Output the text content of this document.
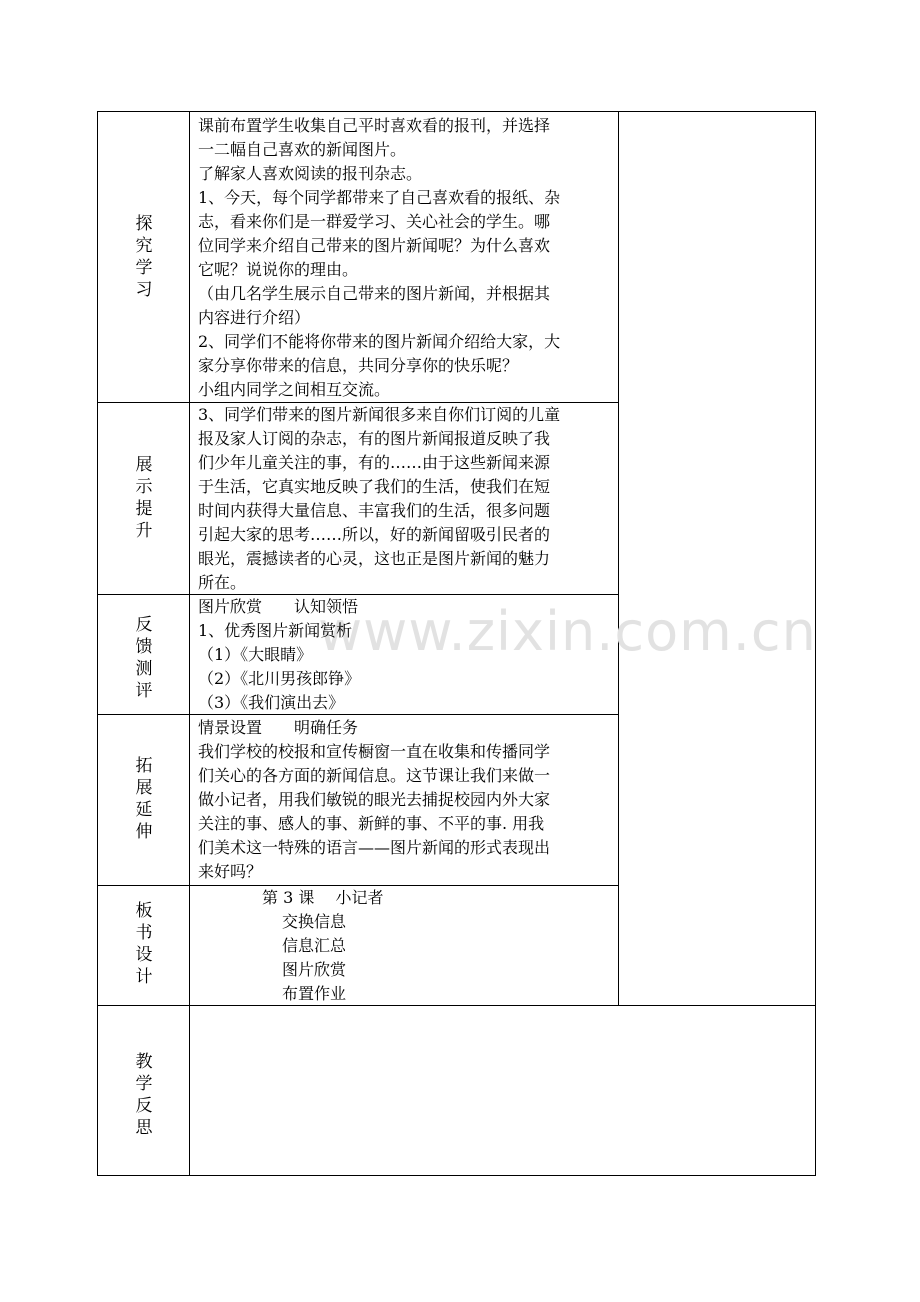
www.zixin.com.cn
探
究
学
习

课前布置学生收集自己平时喜欢看的报刊，并选择

一二幅自己喜欢的新闻图片。

了解家人喜欢阅读的报刊杂志。

1、今天，每个同学都带来了自己喜欢看的报纸、杂

志，看来你们是一群爱学习、关心社会的学生。哪

位同学来介绍自己带来的图片新闻呢？为什么喜欢

它呢？说说你的理由。

（由几名学生展示自己带来的图片新闻，并根据其

内容进行介绍）

2、同学们不能将你带来的图片新闻介绍给大家，大

家分享你带来的信息，共同分享你的快乐呢？

小组内同学之间相互交流。

展
示
提
升

3、同学们带来的图片新闻很多来自你们订阅的儿童

报及家人订阅的杂志，有的图片新闻报道反映了我

们少年儿童关注的事，有的……由于这些新闻来源

于生活，它真实地反映了我们的生活，使我们在短

时间内获得大量信息、丰富我们的生活，很多问题

引起大家的思考……所以，好的新闻留吸引民者的

眼光，震撼读者的心灵，这也正是图片新闻的魅力

所在。

反
馈
测
评

图片欣赏　　认知领悟

1、优秀图片新闻赏析

（1）《大眼睛》

（2）《北川男孩郎铮》

（3）《我们演出去》

拓
展
延
伸

情景设置　　明确任务

我们学校的校报和宣传橱窗一直在收集和传播同学

们关心的各方面的新闻信息。这节课让我们来做一

做小记者，用我们敏锐的眼光去捕捉校园内外大家

关注的事、感人的事、新鲜的事、不平的事. 用我

们美术这一特殊的语言——图片新闻的形式表现出

来好吗？

板
书
设
计

第 3 课　 小记者

交换信息

信息汇总

图片欣赏

布置作业

教
学
反
思
